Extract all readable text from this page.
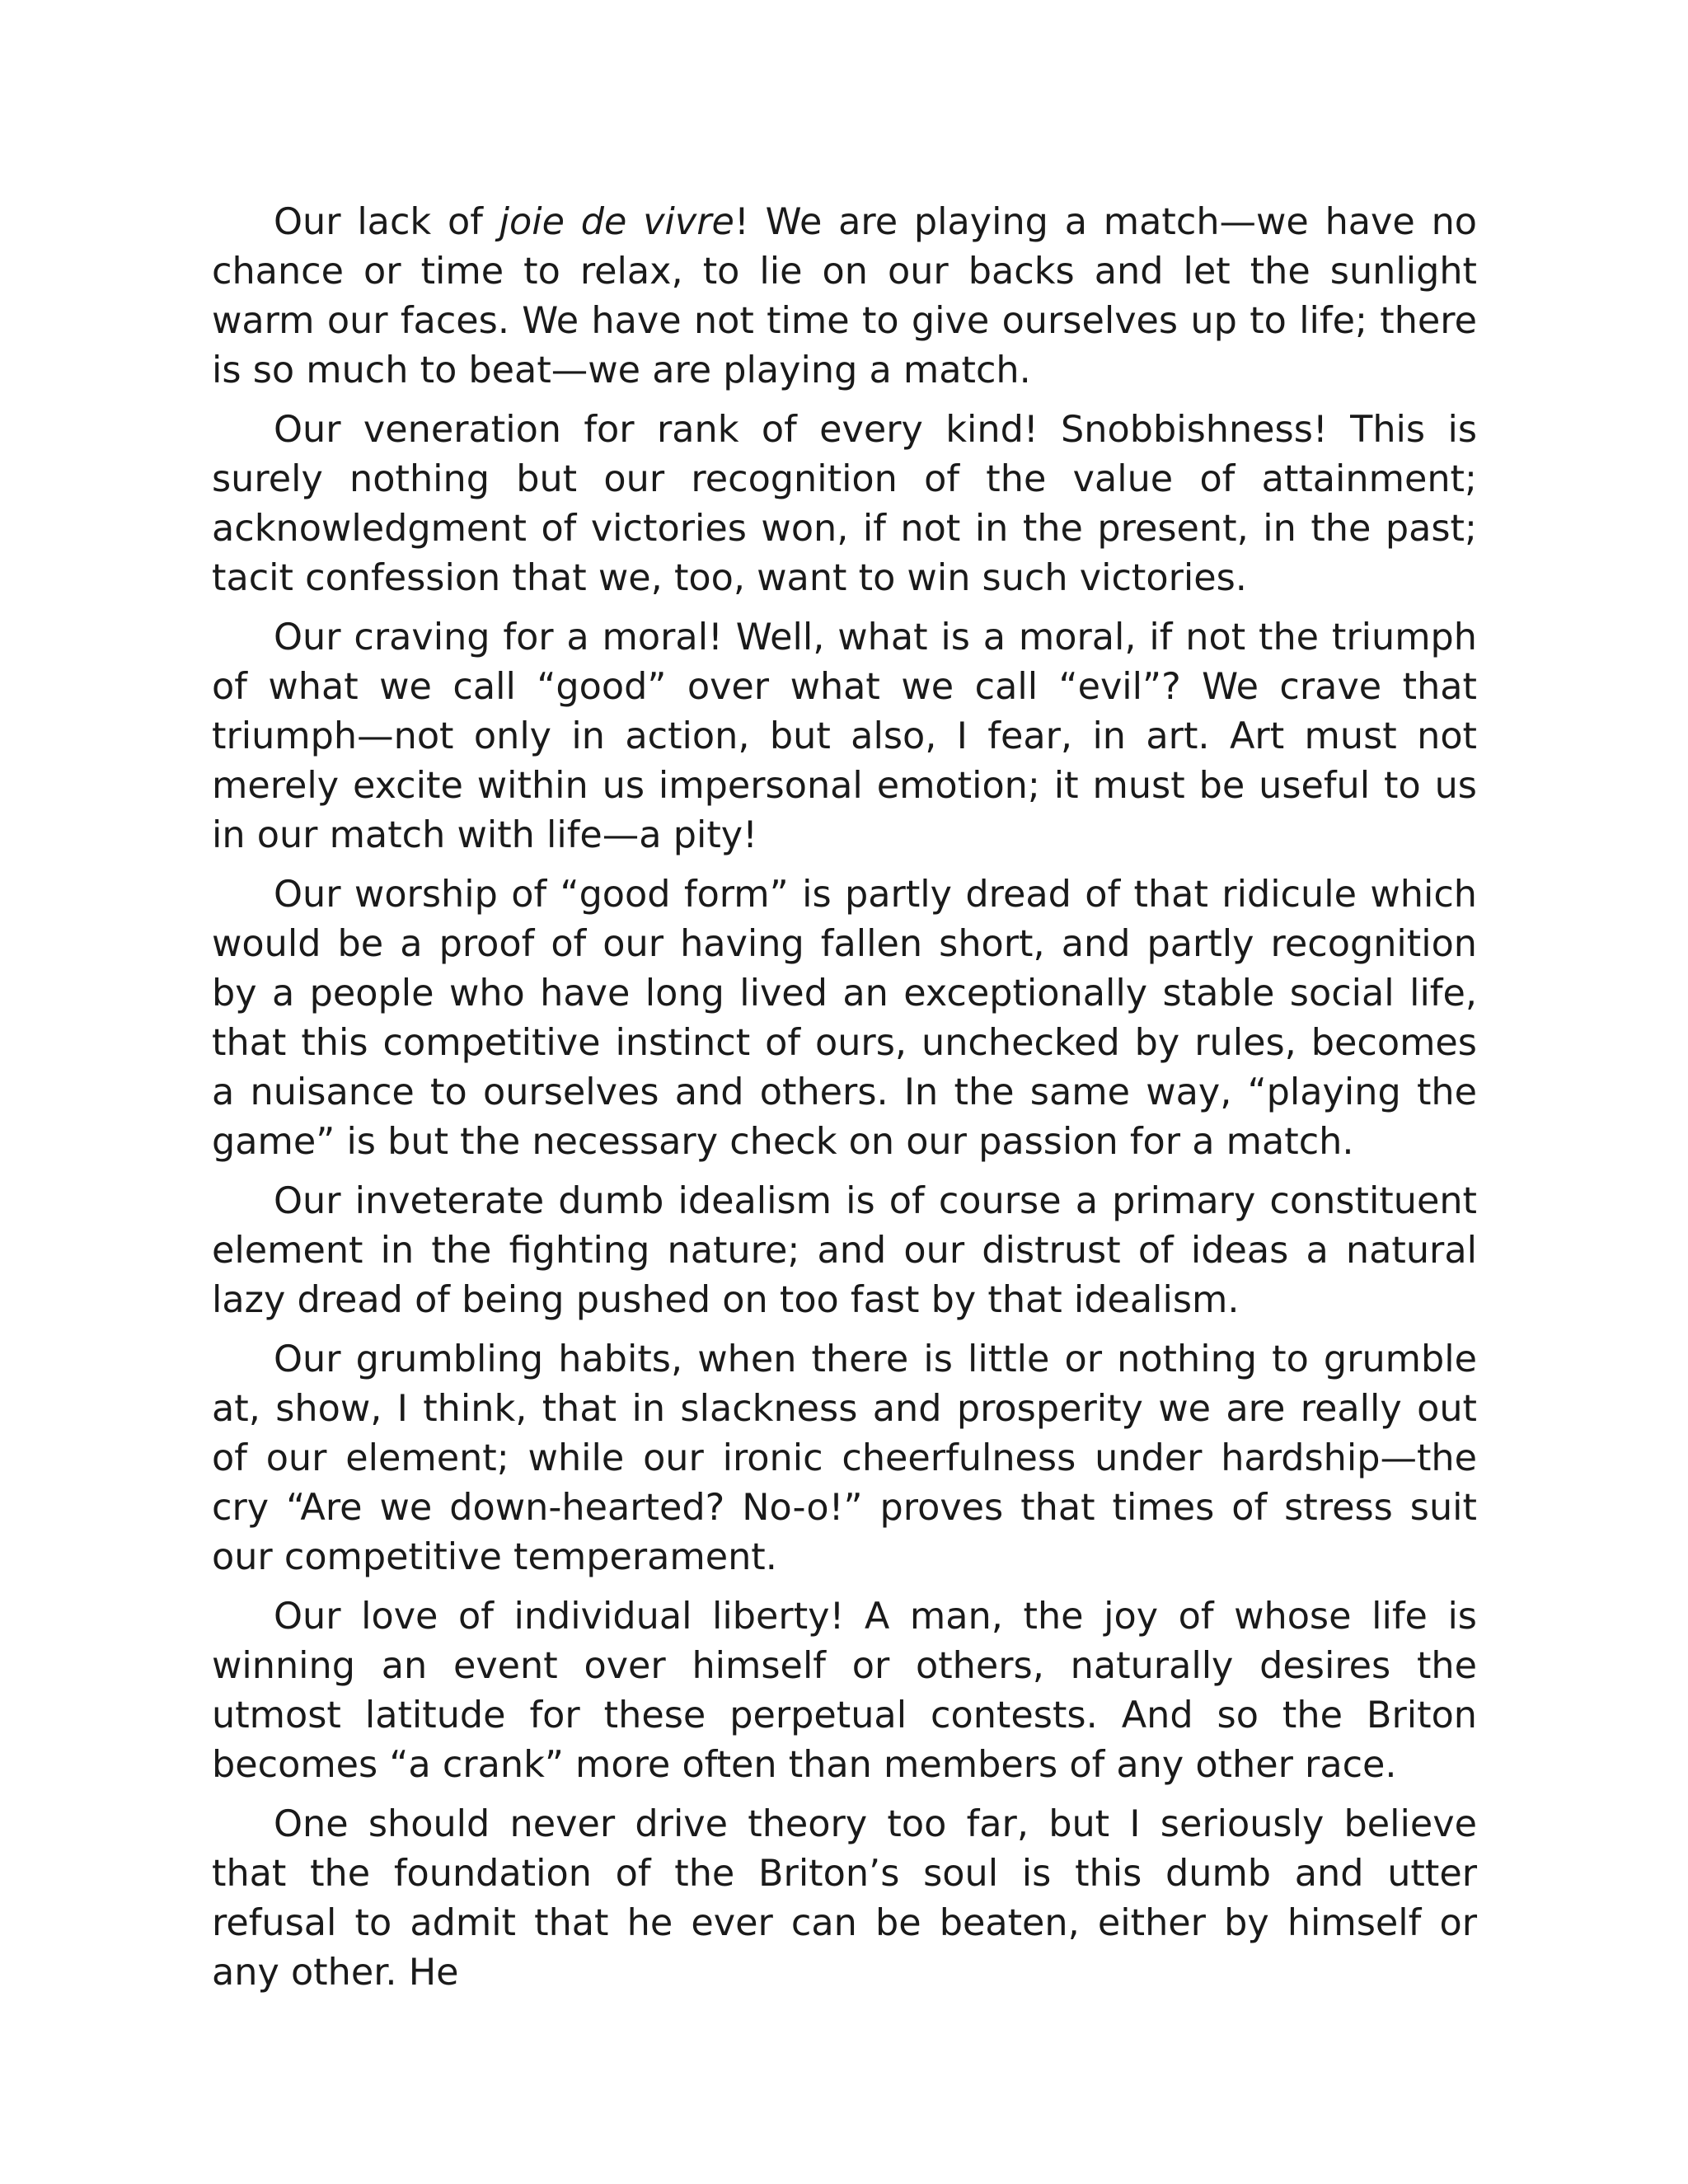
Our lack of joie de vivre! We are playing a match—we have no chance or time to relax, to lie on our backs and let the sunlight warm our faces. We have not time to give ourselves up to life; there is so much to beat—we are playing a match.

Our veneration for rank of every kind! Snobbishness! This is surely nothing but our recognition of the value of attainment; acknowledgment of victories won, if not in the present, in the past; tacit confession that we, too, want to win such victories.

Our craving for a moral! Well, what is a moral, if not the triumph of what we call “good” over what we call “evil”? We crave that triumph—not only in action, but also, I fear, in art. Art must not merely excite within us impersonal emotion; it must be useful to us in our match with life—a pity!

Our worship of “good form” is partly dread of that ridicule which would be a proof of our having fallen short, and partly recognition by a people who have long lived an exceptionally stable social life, that this competitive instinct of ours, unchecked by rules, becomes a nuisance to ourselves and others. In the same way, “playing the game” is but the necessary check on our passion for a match.

Our inveterate dumb idealism is of course a primary constituent element in the fighting nature; and our distrust of ideas a natural lazy dread of being pushed on too fast by that idealism.

Our grumbling habits, when there is little or nothing to grumble at, show, I think, that in slackness and prosperity we are really out of our element; while our ironic cheerfulness under hardship—the cry “Are we down-hearted? No-o!” proves that times of stress suit our competitive temperament.

Our love of individual liberty! A man, the joy of whose life is winning an event over himself or others, naturally desires the utmost latitude for these perpetual contests. And so the Briton becomes “a crank” more often than members of any other race.

One should never drive theory too far, but I seriously believe that the foundation of the Briton’s soul is this dumb and utter refusal to admit that he ever can be beaten, either by himself or any other. He
